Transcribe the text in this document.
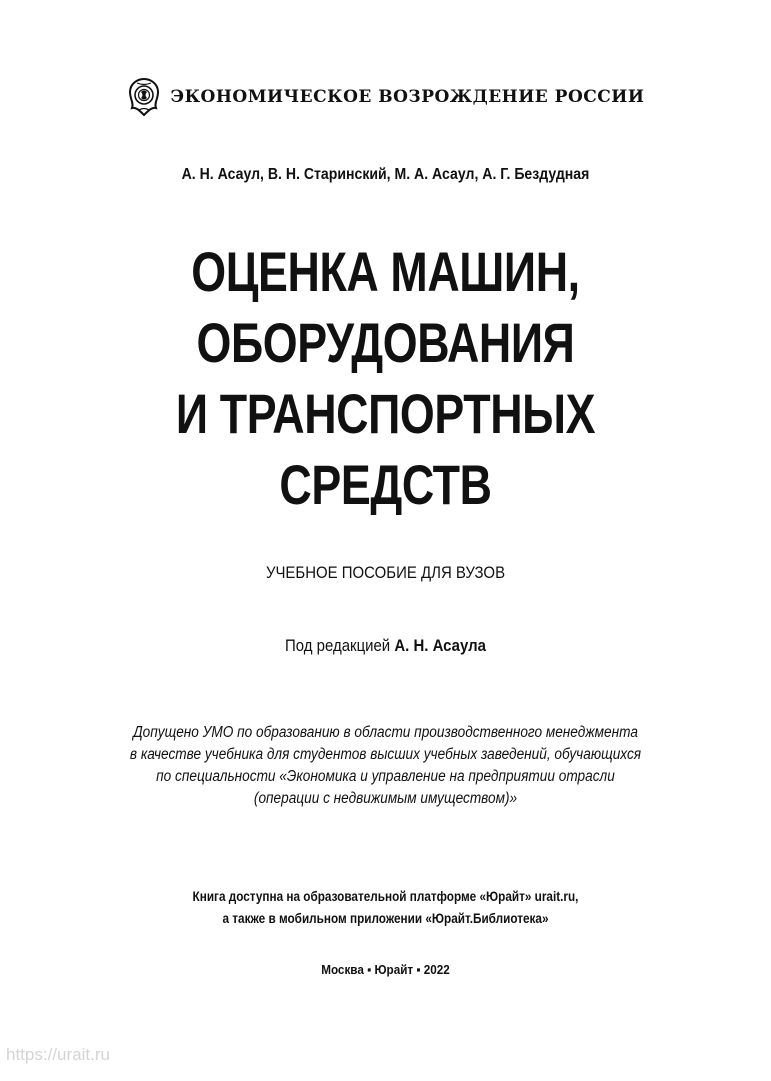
ЭКОНОМИЧЕСКОЕ ВОЗРОЖДЕНИЕ РОССИИ
А. Н. Асаул, В. Н. Старинский, М. А. Асаул, А. Г. Бездудная
ОЦЕНКА МАШИН,
ОБОРУДОВАНИЯ
И ТРАНСПОРТНЫХ
СРЕДСТВ
УЧЕБНОЕ ПОСОБИЕ ДЛЯ ВУЗОВ
Под редакцией А. Н. Асаула
Допущено УМО по образованию в области производственного менеджмента
в качестве учебника для студентов высших учебных заведений, обучающихся
по специальности «Экономика и управление на предприятии отрасли
(операции с недвижимым имуществом)»
Книга доступна на образовательной платформе «Юрайт» urait.ru,
а также в мобильном приложении «Юрайт.Библиотека»
Москва ▪ Юрайт ▪ 2022
https://urait.ru
